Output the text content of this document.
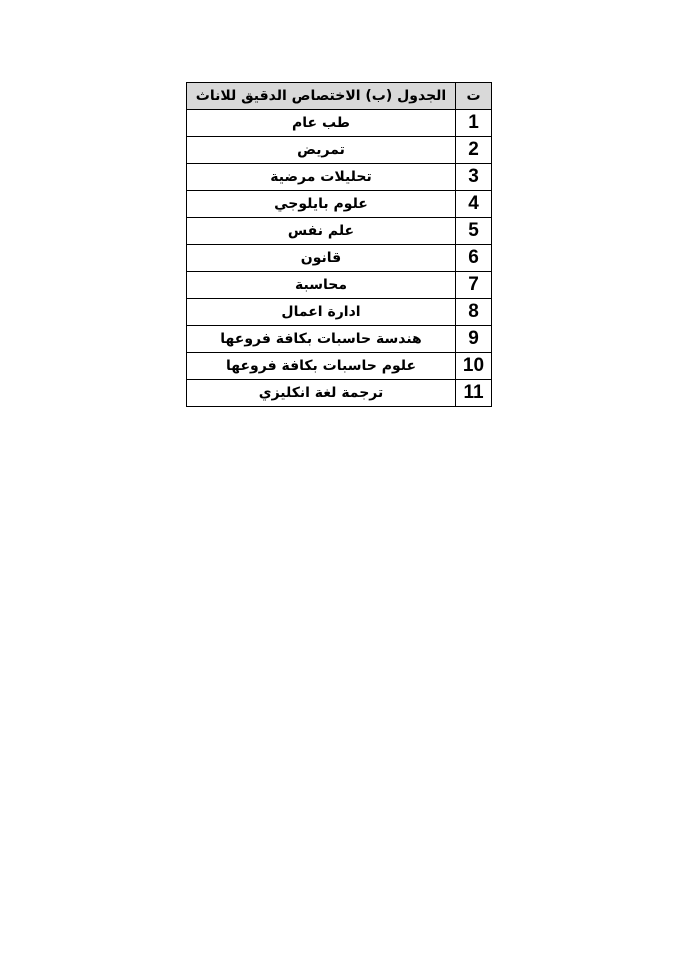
ت	الجدول (ب) الاختصاص الدقيق للاناث
1	طب عام
2	تمريض
3	تحليلات مرضية
4	علوم بايلوجي
5	علم نفس
6	قانون
7	محاسبة
8	ادارة اعمال
9	هندسة حاسبات بكافة فروعها
10	علوم حاسبات بكافة فروعها
11	ترجمة لغة انكليزي
